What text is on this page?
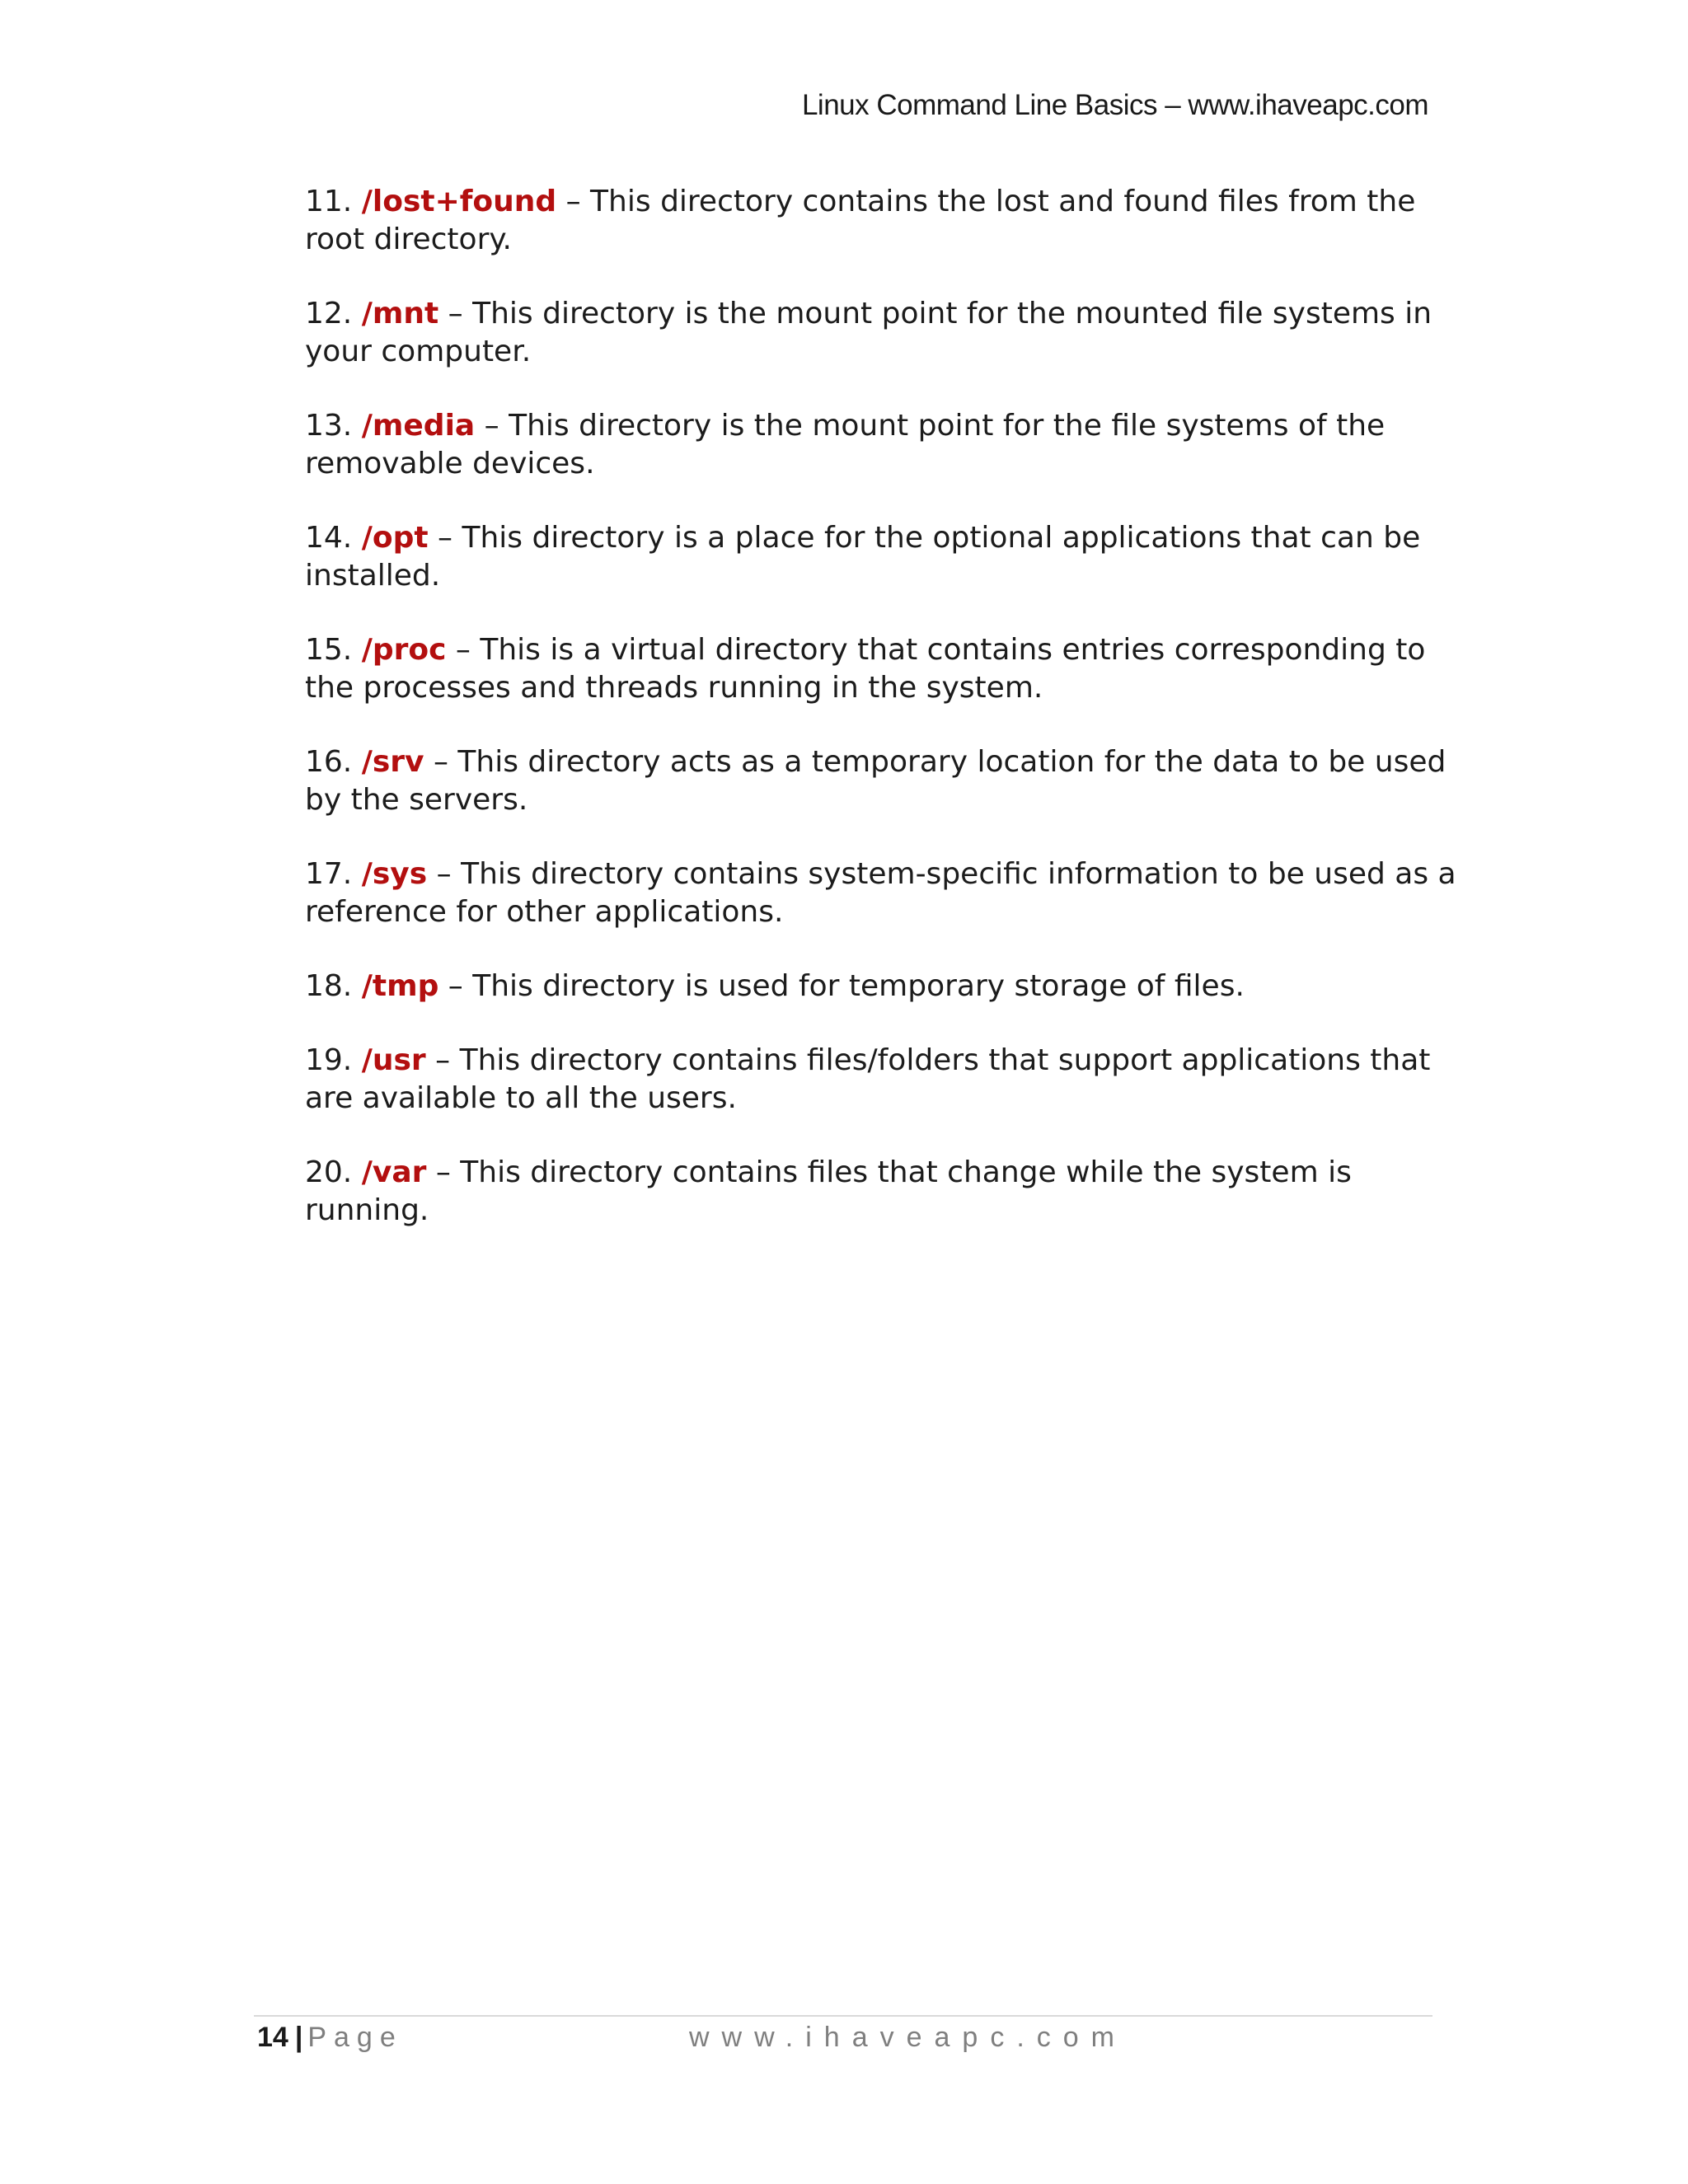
Linux Command Line Basics – www.ihaveapc.com

11. /lost+found – This directory contains the lost and found files from the root directory.

12. /mnt – This directory is the mount point for the mounted file systems in your computer.

13. /media – This directory is the mount point for the file systems of the removable devices.

14. /opt – This directory is a place for the optional applications that can be installed.

15. /proc – This is a virtual directory that contains entries corresponding to the processes and threads running in the system.

16. /srv – This directory acts as a temporary location for the data to be used by the servers.

17. /sys – This directory contains system-specific information to be used as a reference for other applications.

18. /tmp – This directory is used for temporary storage of files.

19. /usr – This directory contains files/folders that support applications that are available to all the users.

20. /var – This directory contains files that change while the system is running.

14 | Page	www.ihaveapc.com
